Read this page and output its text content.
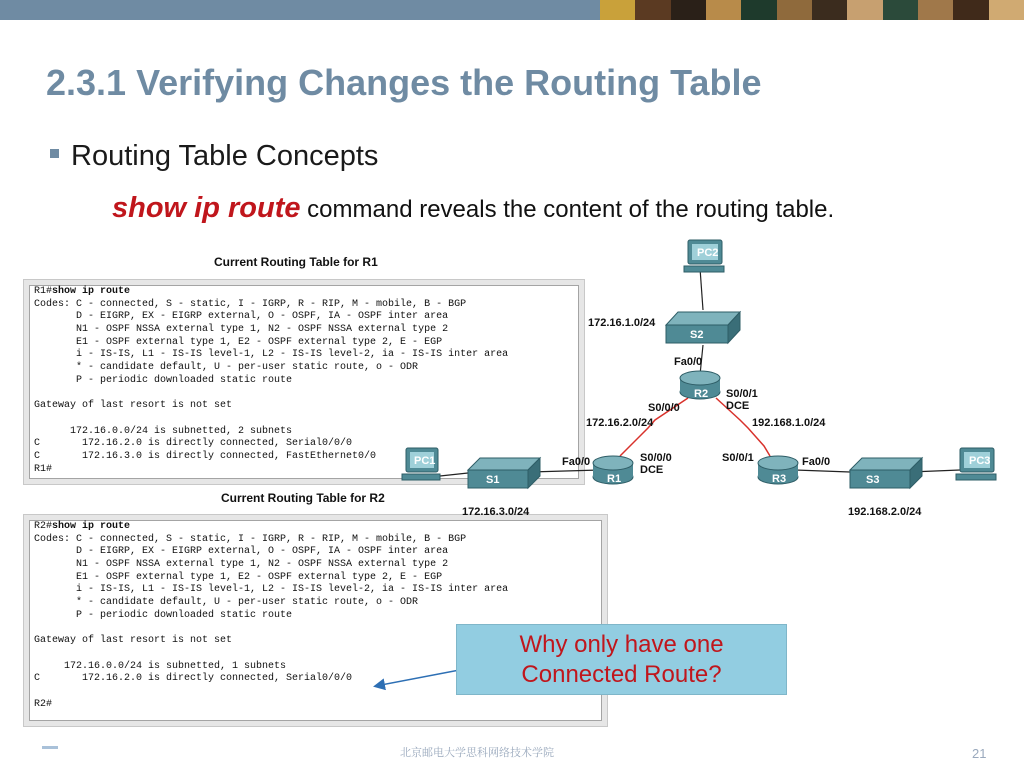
2.3.1 Verifying Changes the Routing Table
Routing Table Concepts
show ip route command reveals the content of the routing table.
Current Routing Table for R1
R1#show ip route
Codes: C - connected, S - static, I - IGRP, R - RIP, M - mobile, B - BGP
D - EIGRP, EX - EIGRP external, O - OSPF, IA - OSPF inter area
N1 - OSPF NSSA external type 1, N2 - OSPF NSSA external type 2
E1 - OSPF external type 1, E2 - OSPF external type 2, E - EGP
i - IS-IS, L1 - IS-IS level-1, L2 - IS-IS level-2, ia - IS-IS inter area
* - candidate default, U - per-user static route, o - ODR
P - periodic downloaded static route
Gateway of last resort is not set
172.16.0.0/24 is subnetted, 2 subnets
C       172.16.2.0 is directly connected, Serial0/0/0
C       172.16.3.0 is directly connected, FastEthernet0/0
R1#
Current Routing Table for R2
R2#show ip route
Codes: C - connected, S - static, I - IGRP, R - RIP, M - mobile, B - BGP
D - EIGRP, EX - EIGRP external, O - OSPF, IA - OSPF inter area
N1 - OSPF NSSA external type 1, N2 - OSPF NSSA external type 2
E1 - OSPF external type 1, E2 - OSPF external type 2, E - EGP
i - IS-IS, L1 - IS-IS level-1, L2 - IS-IS level-2, ia - IS-IS inter area
* - candidate default, U - per-user static route, o - ODR
P - periodic downloaded static route
Gateway of last resort is not set
172.16.0.0/24 is subnetted, 1 subnets
C       172.16.2.0 is directly connected, Serial0/0/0
R2#
PC2
S2
R2
R1	R3
S1	S3
PC1	PC3
172.16.1.0/24
Fa0/0
S0/0/0
S0/0/1
DCE
172.16.2.0/24	192.168.1.0/24
Fa0/0	S0/0/0
DCE
S0/0/1	Fa0/0
172.16.3.0/24	192.168.2.0/24
Why only have one
Connected Route?
北京邮电大学思科网络技术学院	21
